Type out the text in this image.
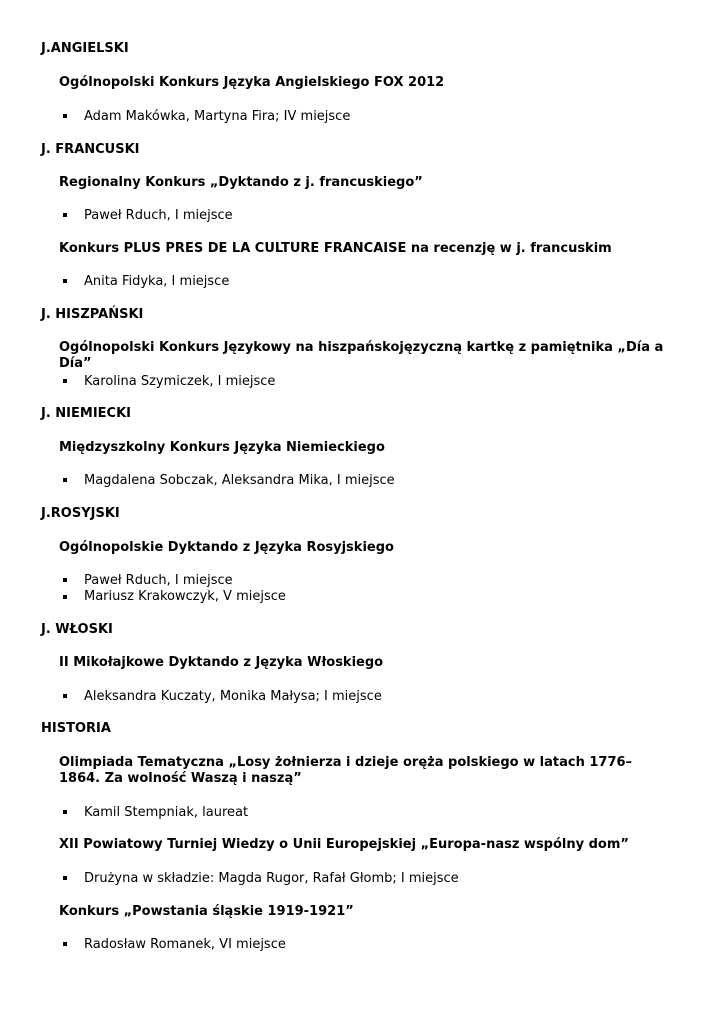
J.ANGIELSKI
Ogólnopolski Konkurs Języka Angielskiego FOX 2012
Adam Makówka, Martyna Fira; IV miejsce
J. FRANCUSKI
Regionalny Konkurs „Dyktando z j. francuskiego”
Paweł Rduch, I miejsce
Konkurs PLUS PRES DE LA CULTURE FRANCAISE na recenzję w j. francuskim
Anita Fidyka, I miejsce
J. HISZPAŃSKI
Ogólnopolski Konkurs Językowy na hiszpańskojęzyczną kartkę z pamiętnika „Día a Día”
Karolina Szymiczek, I miejsce
J. NIEMIECKI
Międzyszkolny Konkurs Języka Niemieckiego
Magdalena Sobczak, Aleksandra Mika, I miejsce
J.ROSYJSKI
Ogólnopolskie Dyktando z Języka Rosyjskiego
Paweł Rduch, I miejsce
Mariusz Krakowczyk, V miejsce
J. WŁOSKI
II Mikołajkowe Dyktando z Języka Włoskiego
Aleksandra Kuczaty, Monika Małysa; I miejsce
HISTORIA
Olimpiada Tematyczna „Losy żołnierza i dzieje oręża polskiego w latach 1776–1864. Za wolność Waszą i naszą”
Kamil Stempniak, laureat
XII Powiatowy Turniej Wiedzy o Unii Europejskiej „Europa-nasz wspólny dom”
Drużyna w składzie: Magda Rugor, Rafał Głomb; I miejsce
Konkurs „Powstania śląskie 1919-1921”
Radosław Romanek, VI miejsce
